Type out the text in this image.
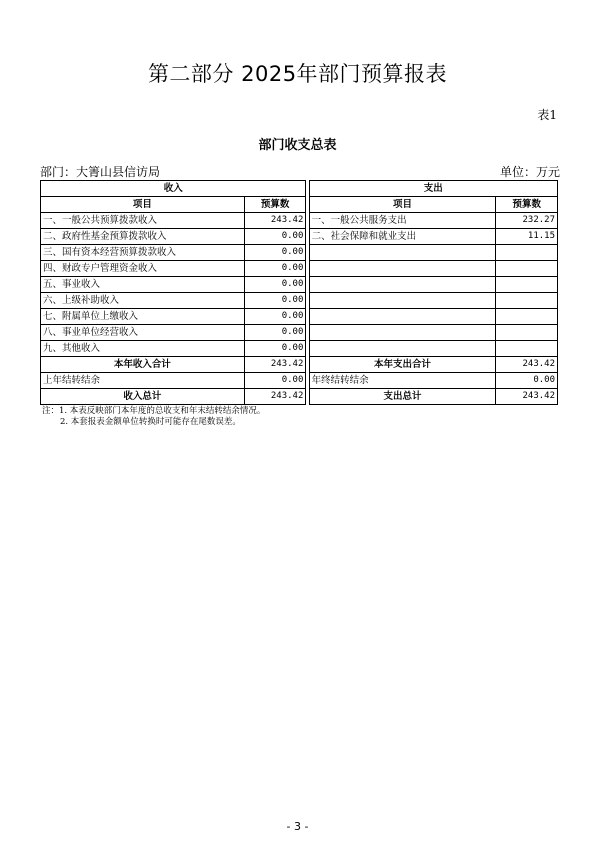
第二部分 2025年部门预算报表
表1
部门收支总表
部门：大箐山县信访局	单位：万元
收入			支出	
项目	预算数		项目	预算数
一、一般公共预算拨款收入	243.42		一、一般公共服务支出	232.27
二、政府性基金预算拨款收入	0.00		二、社会保障和就业支出	11.15
三、国有资本经营预算拨款收入	0.00			
四、财政专户管理资金收入	0.00			
五、事业收入	0.00			
六、上级补助收入	0.00			
七、附属单位上缴收入	0.00			
八、事业单位经营收入	0.00			
九、其他收入	0.00			
本年收入合计	243.42		本年支出合计	243.42
上年结转结余	0.00		年终结转结余	0.00
收入总计	243.42		支出总计	243.42
注：1. 本表反映部门本年度的总收支和年末结转结余情况。
2. 本套报表金额单位转换时可能存在尾数误差。
- 3 -
